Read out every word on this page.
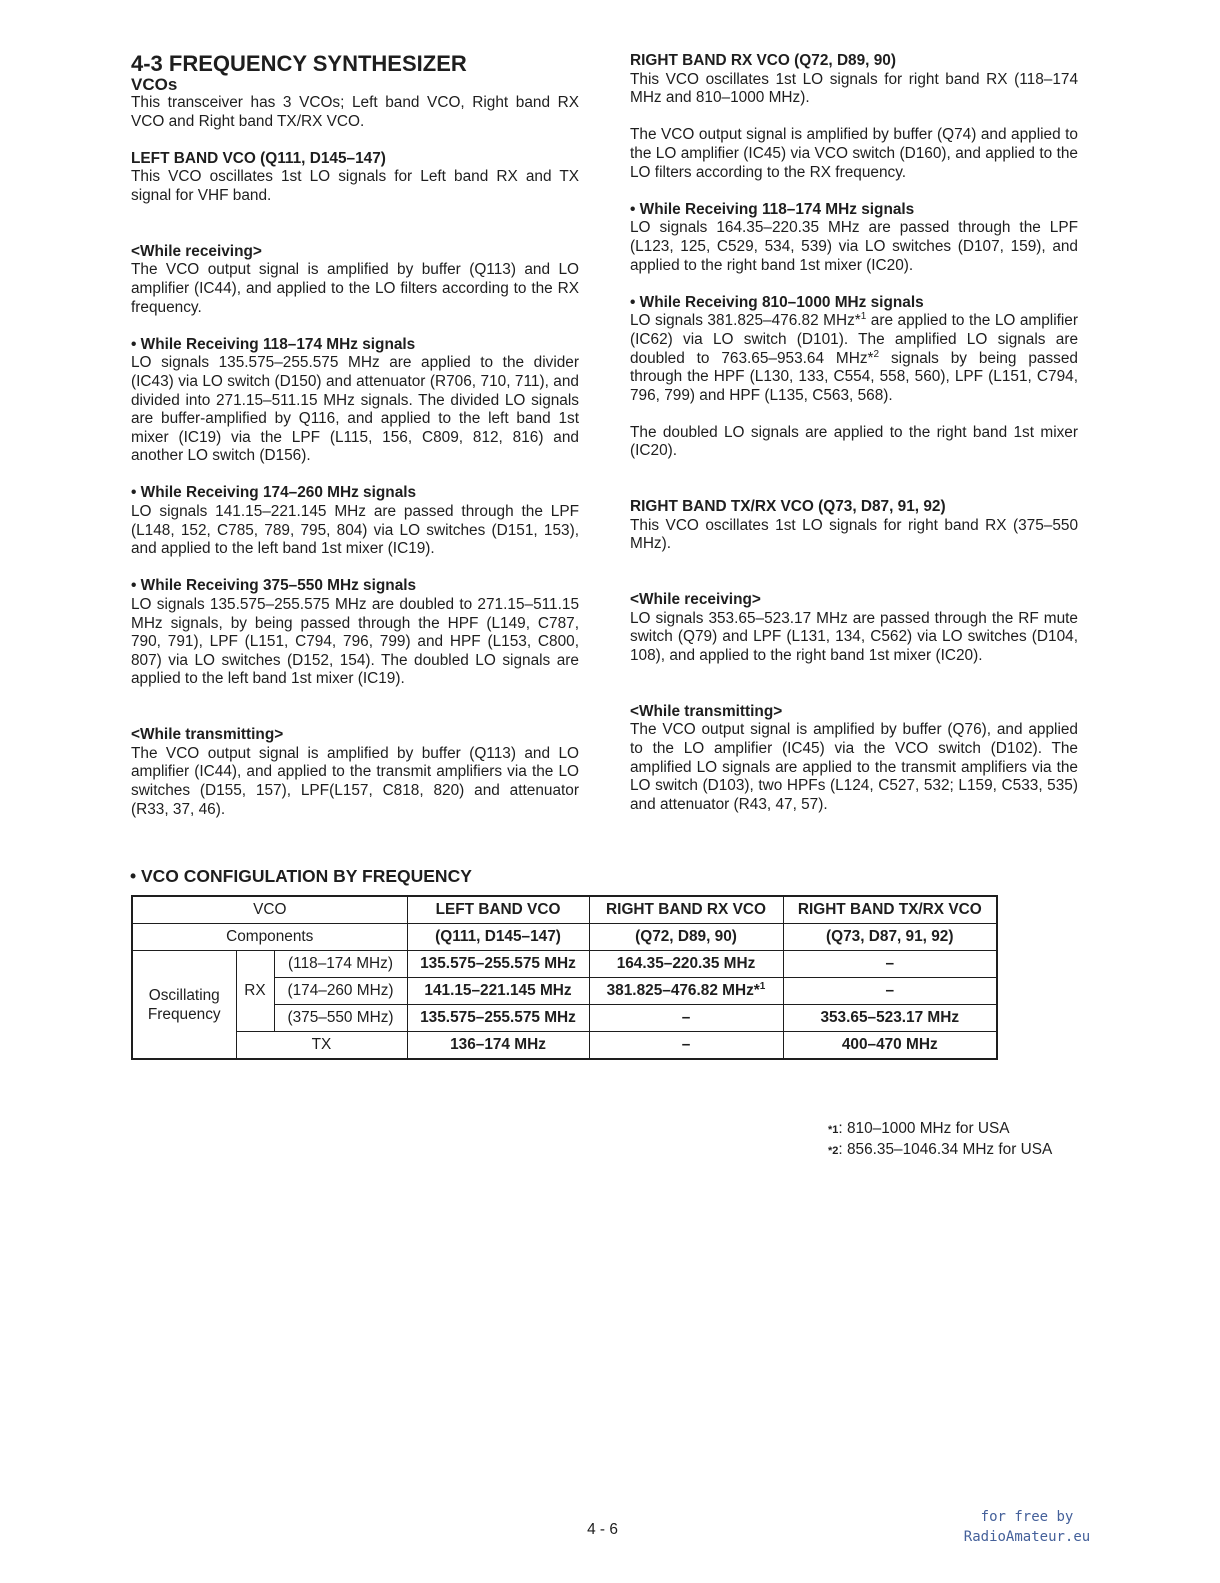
4-3 FREQUENCY SYNTHESIZER

VCOs

This transceiver has 3 VCOs; Left band VCO, Right band RX VCO and Right band TX/RX VCO.

LEFT BAND VCO (Q111, D145–147)

This VCO oscillates 1st LO signals for Left band RX and TX signal for VHF band.

<While receiving>

The VCO output signal is amplified by buffer (Q113) and LO amplifier (IC44), and applied to the LO filters according to the RX frequency.

• While Receiving 118–174 MHz signals

LO signals 135.575–255.575 MHz are applied to the divider (IC43) via LO switch (D150) and attenuator (R706, 710, 711), and divided into 271.15–511.15 MHz signals. The divided LO signals are buffer-amplified by Q116, and applied to the left band 1st mixer (IC19) via the LPF (L115, 156, C809, 812, 816) and another LO switch (D156).

• While Receiving 174–260 MHz signals

LO signals 141.15–221.145 MHz are passed through the LPF (L148, 152, C785, 789, 795, 804) via LO switches (D151, 153), and applied to the left band 1st mixer (IC19).

• While Receiving 375–550 MHz signals

LO signals 135.575–255.575 MHz are doubled to 271.15–511.15 MHz signals, by being passed through the HPF (L149, C787, 790, 791), LPF (L151, C794, 796, 799) and HPF (L153, C800, 807) via LO switches (D152, 154). The doubled LO signals are applied to the left band 1st mixer (IC19).

<While transmitting>

The VCO output signal is amplified by buffer (Q113) and LO amplifier (IC44), and applied to the transmit amplifiers via the LO switches (D155, 157), LPF(L157, C818, 820) and attenuator (R33, 37, 46).

RIGHT BAND RX VCO (Q72, D89, 90)

This VCO oscillates 1st LO signals for right band RX (118–174 MHz and 810–1000 MHz).

The VCO output signal is amplified by buffer (Q74) and applied to the LO amplifier (IC45) via VCO switch (D160), and applied to the LO filters according to the RX frequency.

• While Receiving 118–174 MHz signals

LO signals 164.35–220.35 MHz are passed through the LPF (L123, 125, C529, 534, 539) via LO switches (D107, 159), and applied to the right band 1st mixer (IC20).

• While Receiving 810–1000 MHz signals

LO signals 381.825–476.82 MHz*$^1$ are applied to the LO amplifier (IC62) via LO switch (D101). The amplified LO signals are doubled to 763.65–953.64 MHz*$^2$ signals by being passed through the HPF (L130, 133, C554, 558, 560), LPF (L151, C794, 796, 799) and HPF (L135, C563, 568).

The doubled LO signals are applied to the right band 1st mixer (IC20).

RIGHT BAND TX/RX VCO (Q73, D87, 91, 92)

This VCO oscillates 1st LO signals for right band RX (375–550 MHz).

<While receiving>

LO signals 353.65–523.17 MHz are passed through the RF mute switch (Q79) and LPF (L131, 134, C562) via LO switches (D104, 108), and applied to the right band 1st mixer (IC20).

<While transmitting>

The VCO output signal is amplified by buffer (Q76), and applied to the LO amplifier (IC45) via the VCO switch (D102). The amplified LO signals are applied to the transmit amplifiers via the LO switch (D103), two HPFs (L124, C527, 532; L159, C533, 535) and attenuator (R43, 47, 57).

• VCO CONFIGULATION BY FREQUENCY

VCO			LEFT BAND VCO	RIGHT BAND RX VCO	RIGHT BAND TX/RX VCO
Components			(Q111, D145–147)	(Q72, D89, 90)	(Q73, D87, 91, 92)
Oscillating Frequency	RX	(118–174 MHz)	135.575–255.575 MHz	164.35–220.35 MHz	–
		(174–260 MHz)	141.15–221.145 MHz	381.825–476.82 MHz*$^1$	–
		(375–550 MHz)	135.575–255.575 MHz	–	353.65–523.17 MHz
	TX		136–174 MHz	–	400–470 MHz
*1: 810–1000 MHz for USA
*2: 856.35–1046.34 MHz for USA
4 - 6
for free by
RadioAmateur.eu
